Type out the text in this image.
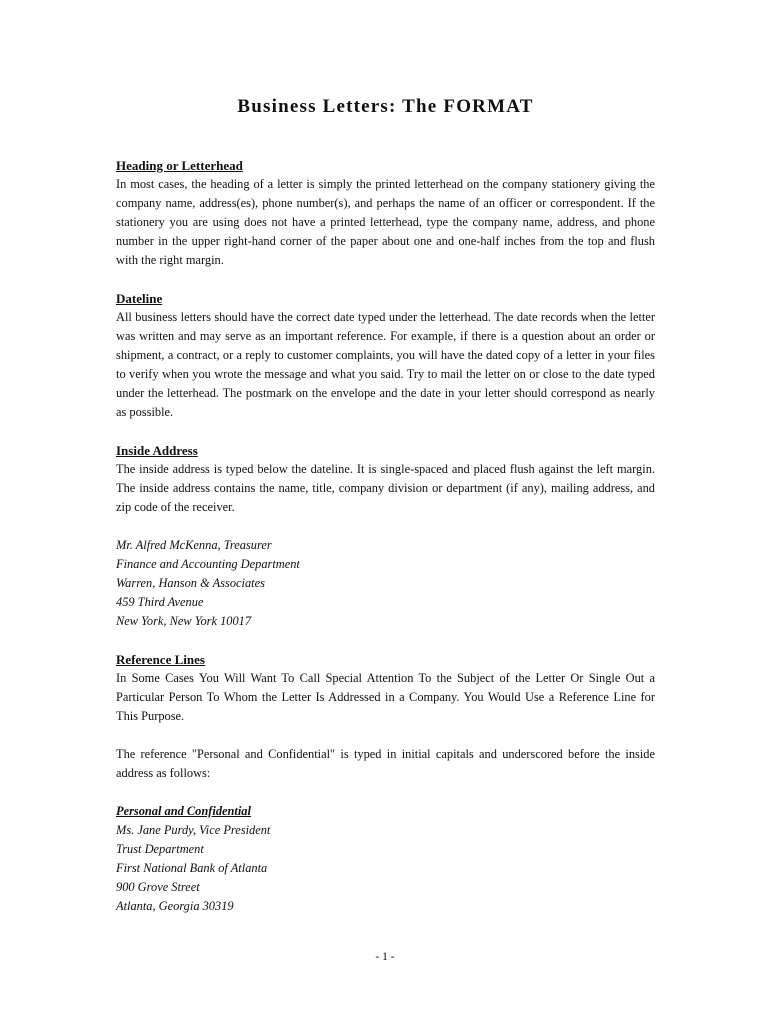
Business Letters: The FORMAT

Heading or Letterhead

In most cases, the heading of a letter is simply the printed letterhead on the company stationery giving the company name, address(es), phone number(s), and perhaps the name of an officer or correspondent. If the stationery you are using does not have a printed letterhead, type the company name, address, and phone number in the upper right-hand corner of the paper about one and one-half inches from the top and flush with the right margin.

Dateline

All business letters should have the correct date typed under the letterhead. The date records when the letter was written and may serve as an important reference. For example, if there is a question about an order or shipment, a contract, or a reply to customer complaints, you will have the dated copy of a letter in your files to verify when you wrote the message and what you said. Try to mail the letter on or close to the date typed under the letterhead. The postmark on the envelope and the date in your letter should correspond as nearly as possible.

Inside Address

The inside address is typed below the dateline. It is single-spaced and placed flush against the left margin. The inside address contains the name, title, company division or department (if any), mailing address, and zip code of the receiver.

Mr. Alfred McKenna, Treasurer
Finance and Accounting Department
Warren, Hanson & Associates
459 Third Avenue
New York, New York 10017

Reference Lines

In Some Cases You Will Want To Call Special Attention To the Subject of the Letter Or Single Out a Particular Person To Whom the Letter Is Addressed in a Company. You Would Use a Reference Line for This Purpose.

The reference "Personal and Confidential" is typed in initial capitals and underscored before the inside address as follows:

Personal and Confidential
Ms. Jane Purdy, Vice President
Trust Department
First National Bank of Atlanta
900 Grove Street
Atlanta, Georgia 30319
- 1 -
